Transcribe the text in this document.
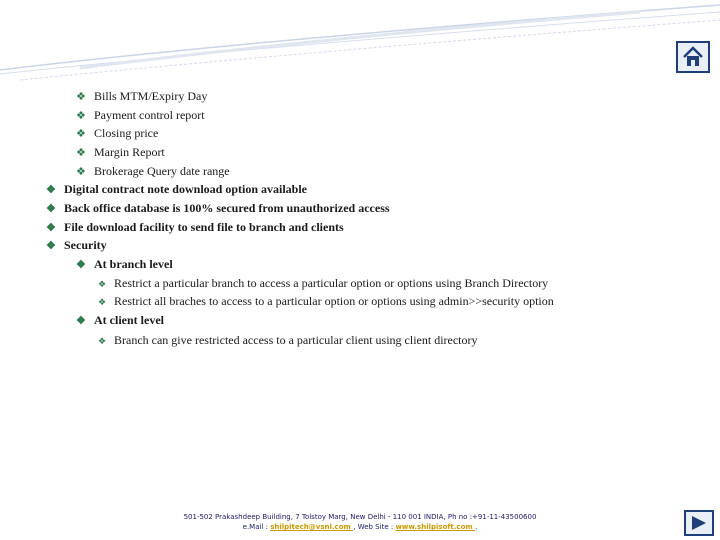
❖ Bills MTM/Expiry Day
❖ Payment control report
❖ Closing price
❖ Margin Report
❖ Brokerage Query date range
❖ Digital contract note download option available
❖ Back office database is 100% secured from unauthorized access
❖ File download facility to send file to branch and clients
❖ Security
❖ At branch level
❖ Restrict a particular branch to access a particular option or options using Branch Directory
❖ Restrict all braches to access to a particular option or options using admin>>security option
❖ At client level
❖ Branch can give restricted access to a particular client using client directory
501-502 Prakashdeep Building, 7 Tolstoy Marg, New Delhi - 110 001 INDIA, Ph no :+91-11-43500600
e.Mail : shilpitech@vsnl.com , Web Site : www.shilpisoft.com .
